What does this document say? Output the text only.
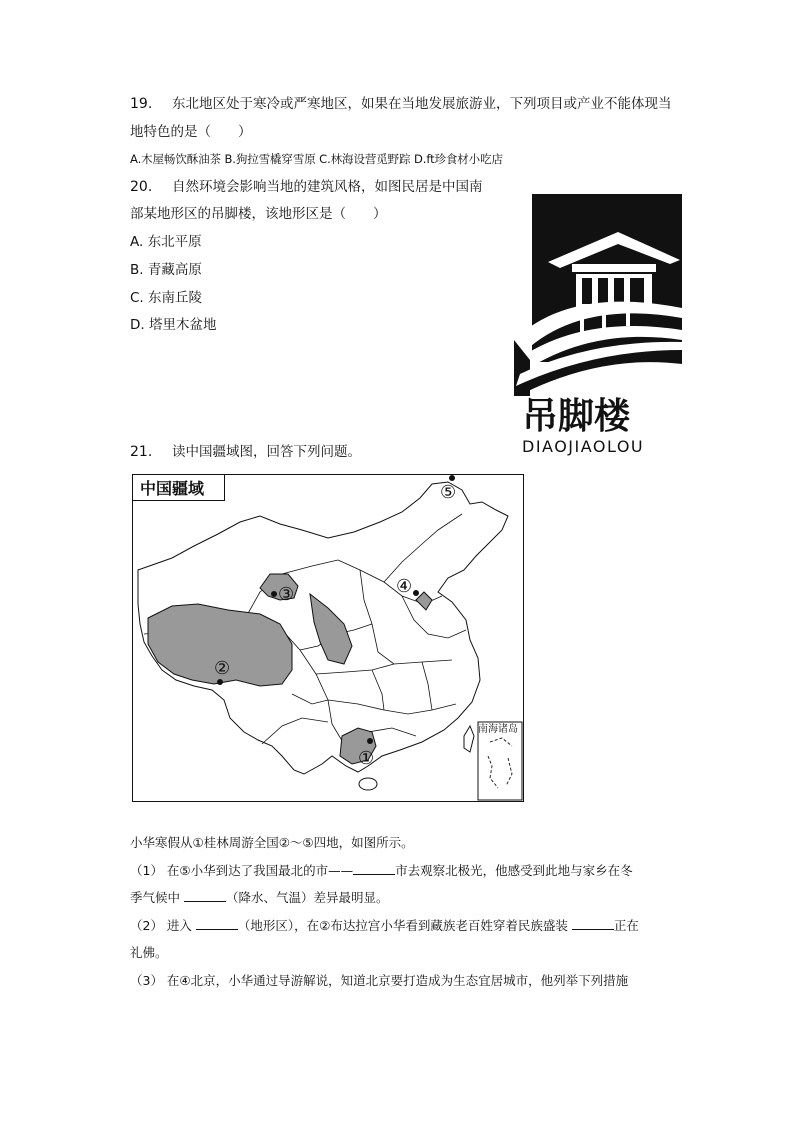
19. 东北地区处于寒冷或严寒地区，如果在当地发展旅游业，下列项目或产业不能体现当
地特色的是（　　）
A.木屋畅饮酥油茶 B.狗拉雪橇穿雪原 C.林海设营觅野踪 D.ft珍食材小吃店
20. 自然环境会影响当地的建筑风格，如图民居是中国南
部某地形区的吊脚楼，该地形区是（　　）
A. 东北平原
B. 青藏高原
C. 东南丘陵
D. 塔里木盆地
吊脚楼
DIAOJIAOLOU
21. 读中国疆域图，回答下列问题。
中国疆域
南海诸岛
①
②
③	④
⑤
小华寒假从①桂林周游全国②～⑤四地，如图所示。
（1） 在⑤小华到达了我国最北的市——	市去观察北极光，他感受到此地与家乡在冬
季气候中	（降水、气温）差异最明显。
（2） 进入	（地形区），在②布达拉宫小华看到藏族老百姓穿着民族盛装	正在
礼佛。
（3） 在④北京，小华通过导游解说，知道北京要打造成为生态宜居城市，他列举下列措施
